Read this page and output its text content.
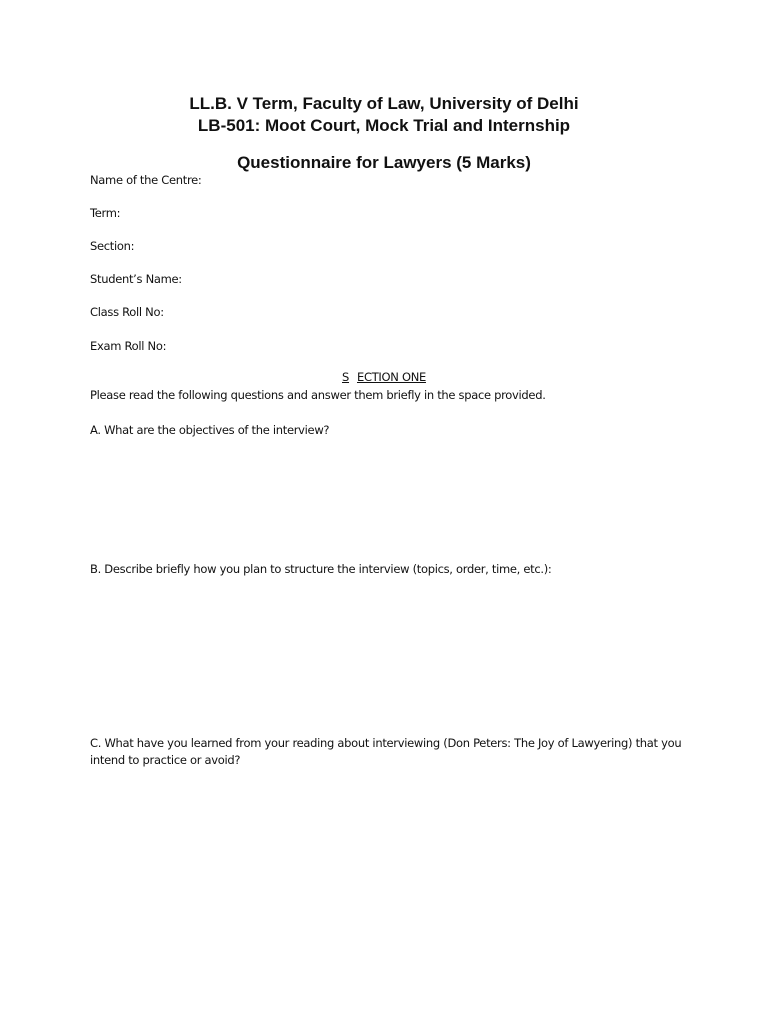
LL.B. V Term, Faculty of Law, University of Delhi
LB-501: Moot Court, Mock Trial and Internship
Questionnaire for Lawyers (5 Marks)

Name of the Centre:

Term:

Section:

Student’s Name:

Class Roll No:

Exam Roll No:

S ECTION ONE

Please read the following questions and answer them briefly in the space provided.

A. What are the objectives of the interview?

B. Describe briefly how you plan to structure the interview (topics, order, time, etc.):

C. What have you learned from your reading about interviewing (Don Peters: The Joy of Lawyering) that you intend to practice or avoid?
